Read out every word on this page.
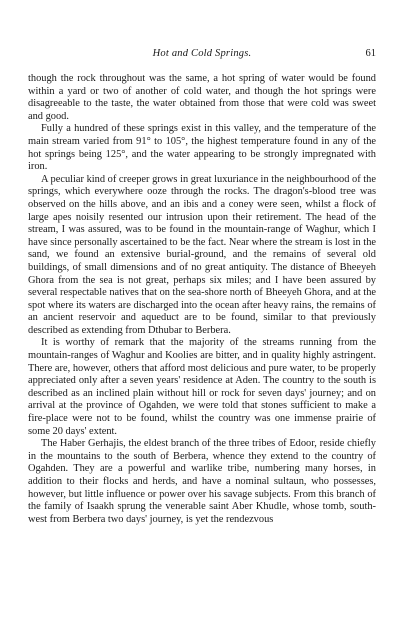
Hot and Cold Springs.	61

though the rock throughout was the same, a hot spring of water would be found within a yard or two of another of cold water, and though the hot springs were disagreeable to the taste, the water obtained from those that were cold was sweet and good.

Fully a hundred of these springs exist in this valley, and the temperature of the main stream varied from 91° to 105°, the highest temperature found in any of the hot springs being 125°, and the water appearing to be strongly impregnated with iron.

A peculiar kind of creeper grows in great luxuriance in the neighbourhood of the springs, which everywhere ooze through the rocks. The dragon's-blood tree was observed on the hills above, and an ibis and a coney were seen, whilst a flock of large apes noisily resented our intrusion upon their retirement. The head of the stream, I was assured, was to be found in the mountain-range of Waghur, which I have since personally ascertained to be the fact. Near where the stream is lost in the sand, we found an extensive burial-ground, and the remains of several old buildings, of small dimensions and of no great antiquity. The distance of Bheeyeh Ghora from the sea is not great, perhaps six miles; and I have been assured by several respectable natives that on the sea-shore north of Bheeyeh Ghora, and at the spot where its waters are discharged into the ocean after heavy rains, the remains of an ancient reservoir and aqueduct are to be found, similar to that previously described as extending from Dthubar to Berbera.

It is worthy of remark that the majority of the streams running from the mountain-ranges of Waghur and Koolies are bitter, and in quality highly astringent. There are, however, others that afford most delicious and pure water, to be properly appreciated only after a seven years' residence at Aden. The country to the south is described as an inclined plain without hill or rock for seven days' journey; and on arrival at the province of Ogahden, we were told that stones sufficient to make a fire-place were not to be found, whilst the country was one immense prairie of some 20 days' extent.

The Haber Gerhajis, the eldest branch of the three tribes of Edoor, reside chiefly in the mountains to the south of Berbera, whence they extend to the country of Ogahden. They are a powerful and warlike tribe, numbering many horses, in addition to their flocks and herds, and have a nominal sultaun, who possesses, however, but little influence or power over his savage subjects. From this branch of the family of Isaakh sprung the venerable saint Aber Khudle, whose tomb, south-west from Berbera two days' journey, is yet the rendezvous
